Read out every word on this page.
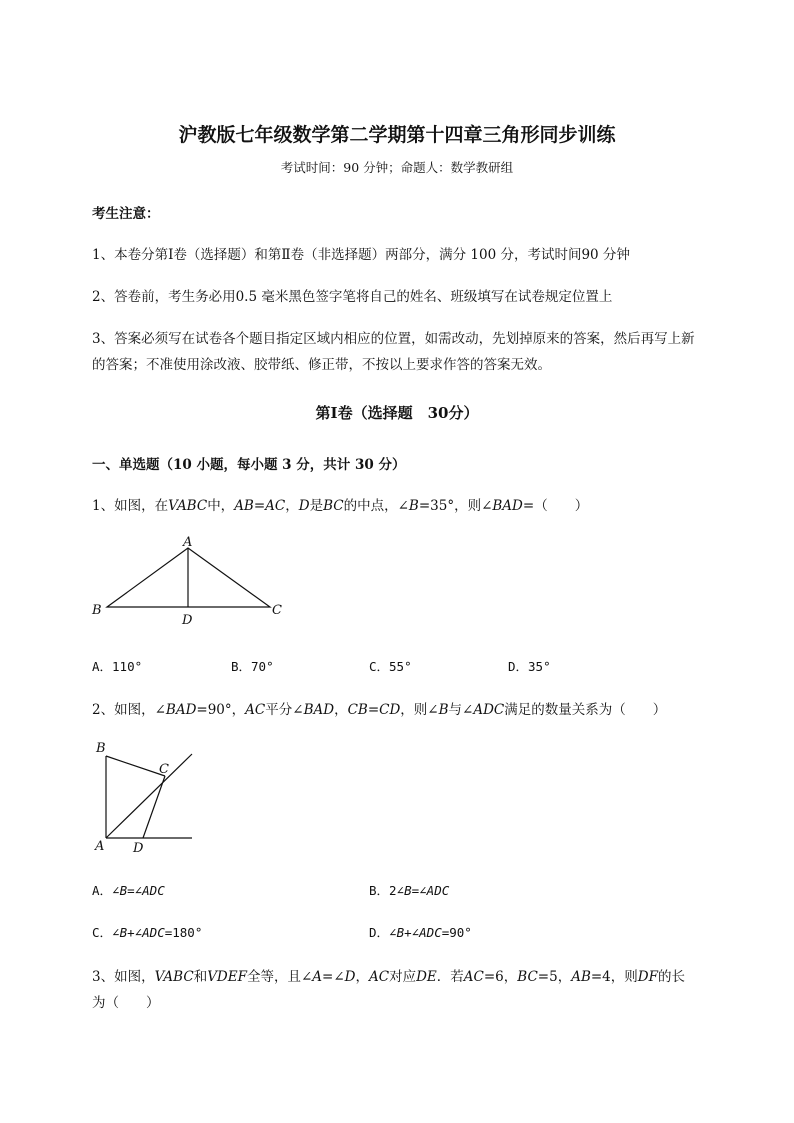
沪教版七年级数学第二学期第十四章三角形同步训练
考试时间：90 分钟；命题人：数学教研组
考生注意：
1、本卷分第Ⅰ卷（选择题）和第Ⅱ卷（非选择题）两部分，满分 100 分，考试时间90 分钟
2、答卷前，考生务必用0.5 毫米黑色签字笔将自己的姓名、班级填写在试卷规定位置上
3、答案必须写在试卷各个题目指定区域内相应的位置，如需改动，先划掉原来的答案，然后再写上新
的答案；不准使用涂改液、胶带纸、修正带，不按以上要求作答的答案无效。
第Ⅰ卷（选择题　30分）
一、单选题（10 小题，每小题 3 分，共计 30 分）
1、如图，在VABC中，AB=AC，D是BC的中点，∠B=35°，则∠BAD=（　　）
A
B	C
D
A．110°	B．70°	C．55°	D．35°
2、如图，∠BAD=90°，AC平分∠BAD，CB=CD，则∠B与∠ADC满足的数量关系为（　　）
B
C
A D
A．∠B=∠ADC	B．2∠B=∠ADC
C．∠B+∠ADC=180°	D．∠B+∠ADC=90°
3、如图，VABC和VDEF全等，且∠A=∠D，AC对应DE．若AC=6，BC=5，AB=4，则DF的长
为（　　）
